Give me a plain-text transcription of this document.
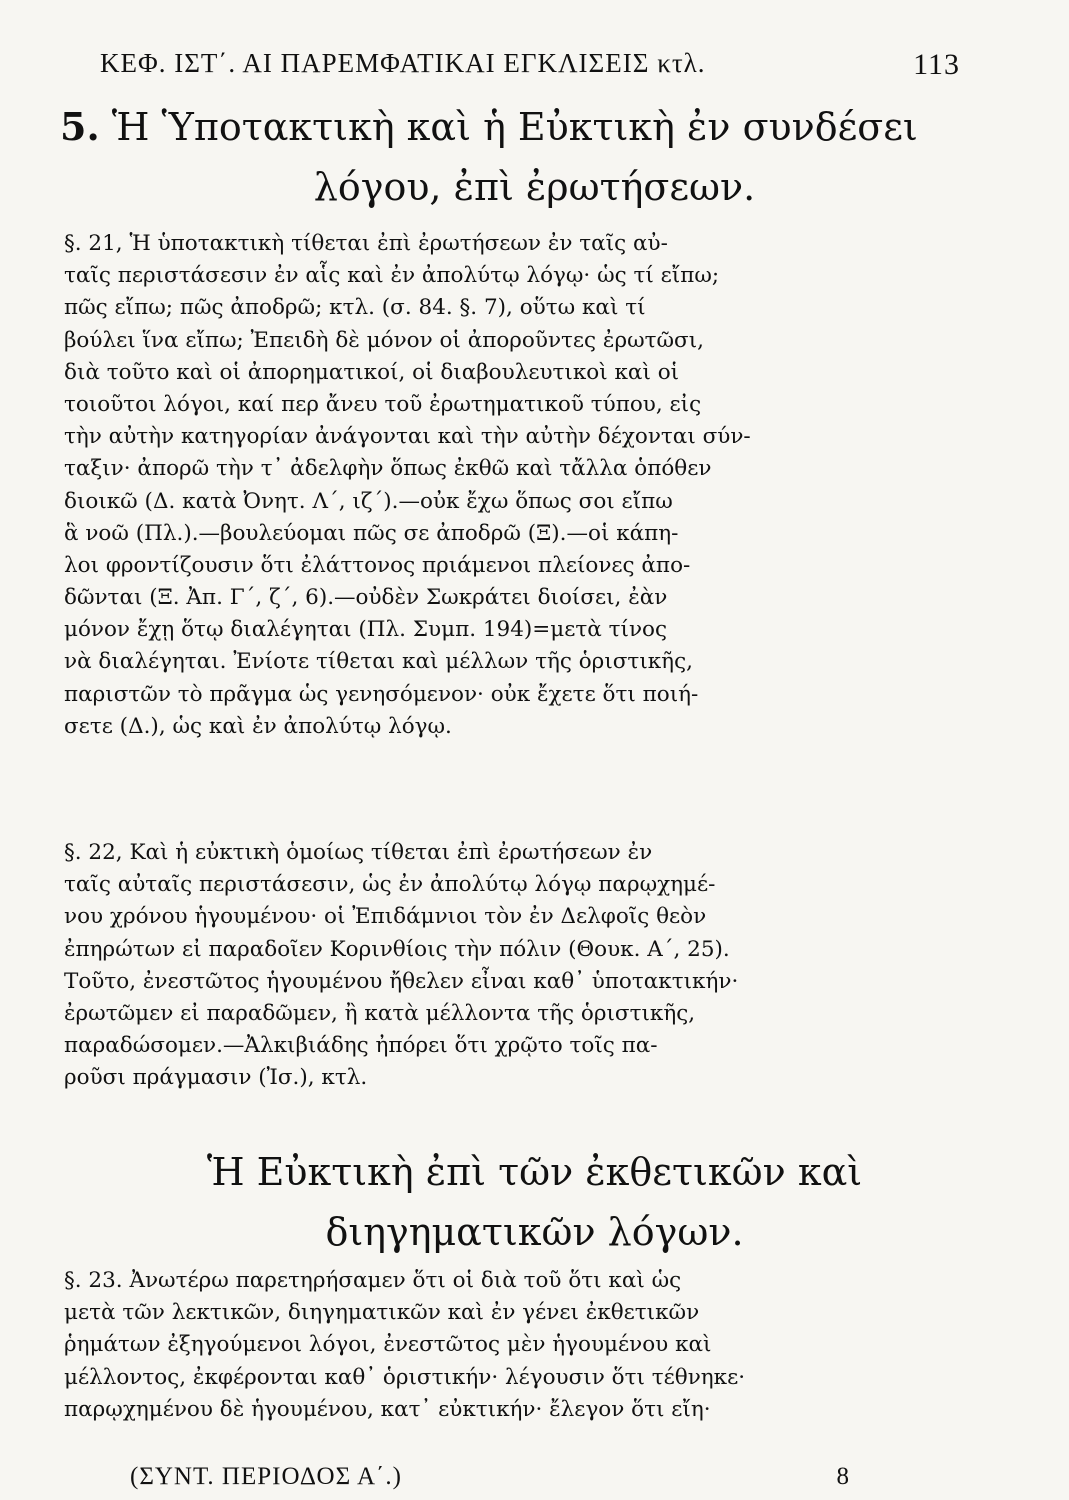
ΚΕΦ. ΙΣΤ΄. ΑΙ ΠΑΡΕΜΦΑΤΙΚΑΙ ΕΓΚΛΙΣΕΙΣ κτλ.	113
5. Ἡ Ὑποτακτικὴ καὶ ἡ Εὐκτικὴ ἐν συνδέσει
λόγου, ἐπὶ ἐρωτήσεων.
§. 21, Ἡ ὑποτακτικὴ τίθεται ἐπὶ ἐρωτήσεων ἐν ταῖς αὐ-
ταῖς περιστάσεσιν ἐν αἷς καὶ ἐν ἀπολύτῳ λόγῳ· ὡς τί εἴπω;
πῶς εἴπω; πῶς ἀποδρῶ; κτλ. (σ. 84. §. 7), οὕτω καὶ τί
βούλει ἵνα εἴπω; Ἐπειδὴ δὲ μόνον οἱ ἀποροῦντες ἐρωτῶσι,
διὰ τοῦτο καὶ οἱ ἀπορηματικοί, οἱ διαβουλευτικοὶ καὶ οἱ
τοιοῦτοι λόγοι, καί περ ἄνευ τοῦ ἐρωτηματικοῦ τύπου, εἰς
τὴν αὐτὴν κατηγορίαν ἀνάγονται καὶ τὴν αὐτὴν δέχονται σύν-
ταξιν· ἀπορῶ τὴν τ᾽ ἀδελφὴν ὅπως ἐκθῶ καὶ τἄλλα ὁπόθεν
διοικῶ (Δ. κατὰ Ὀνητ. Λ΄, ιζ΄).—οὐκ ἔχω ὅπως σοι εἴπω
ἃ νοῶ (Πλ.).—βουλεύομαι πῶς σε ἀποδρῶ (Ξ).—οἱ κάπη-
λοι φροντίζουσιν ὅτι ἐλάττονος πριάμενοι πλείονες ἀπο-
δῶνται (Ξ. Ἀπ. Γ΄, ζ΄, 6).—οὐδὲν Σωκράτει διοίσει, ἐὰν
μόνον ἔχῃ ὅτῳ διαλέγηται (Πλ. Συμπ. 194)=μετὰ τίνος
νὰ διαλέγηται. Ἐνίοτε τίθεται καὶ μέλλων τῆς ὁριστικῆς,
παριστῶν τὸ πρᾶγμα ὡς γενησόμενον· οὐκ ἔχετε ὅτι ποιή-
σετε (Δ.), ὡς καὶ ἐν ἀπολύτῳ λόγῳ.
§. 22, Καὶ ἡ εὐκτικὴ ὁμοίως τίθεται ἐπὶ ἐρωτήσεων ἐν
ταῖς αὐταῖς περιστάσεσιν, ὡς ἐν ἀπολύτῳ λόγῳ παρῳχημέ-
νου χρόνου ἡγουμένου· οἱ Ἐπιδάμνιοι τὸν ἐν Δελφοῖς θεὸν
ἐπηρώτων εἰ παραδοῖεν Κορινθίοις τὴν πόλιν (Θουκ. Α΄, 25).
Τοῦτο, ἐνεστῶτος ἡγουμένου ἤθελεν εἶναι καθ᾽ ὑποτακτικήν·
ἐρωτῶμεν εἰ παραδῶμεν, ἢ κατὰ μέλλοντα τῆς ὁριστικῆς,
παραδώσομεν.—Ἀλκιβιάδης ἠπόρει ὅτι χρῷτο τοῖς πα-
ροῦσι πράγμασιν (Ἰσ.), κτλ.
Ἡ Εὐκτικὴ ἐπὶ τῶν ἐκθετικῶν καὶ
διηγηματικῶν λόγων.
§. 23. Ἀνωτέρω παρετηρήσαμεν ὅτι οἱ διὰ τοῦ ὅτι καὶ ὡς
μετὰ τῶν λεκτικῶν, διηγηματικῶν καὶ ἐν γένει ἐκθετικῶν
ῥημάτων ἐξηγούμενοι λόγοι, ἐνεστῶτος μὲν ἡγουμένου καὶ
μέλλοντος, ἐκφέρονται καθ᾽ ὁριστικήν· λέγουσιν ὅτι τέθνηκε·
παρῳχημένου δὲ ἡγουμένου, κατ᾽ εὐκτικήν· ἔλεγον ὅτι εἴη·
(ΣΥΝΤ. ΠΕΡΙΟΔΟΣ Α΄.)	8
